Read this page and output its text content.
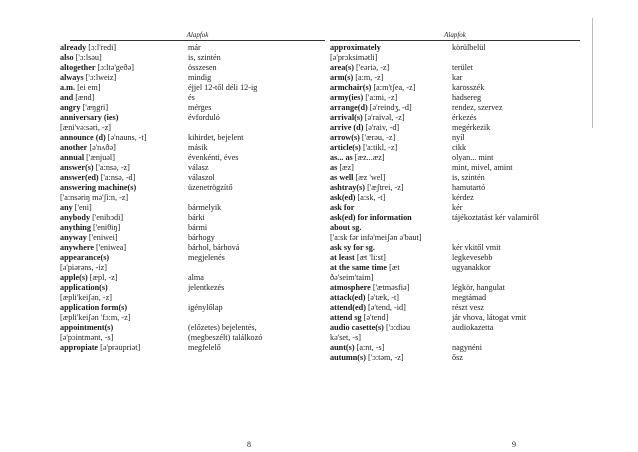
Alapfok
already [ɔ:l'redi]	már
also ['ɔ:lsəu]	is, szintén
altogether [ɔ:ltə'geðə]	összesen
always ['ɔ:lweiz]	mindig
a.m. [ei em]	éjjel 12-től déli 12-ig
and [ænd]	és
angry ['æŋgri]	mérges
anniversary (ies)	évforduló
[æni'və:səri, -z]
announce (d) [ə'nauns, -t]	kihirdet, bejelent
another [ə'nʌðə]	másik
annual ['ænjuəl]	évenkénti, éves
answer(s) ['a:nsə, -z]	válasz
answer(ed) ['a:nsə, -d]	válaszol
answering machine(s)	üzenetrögzítő
['a:nsəriŋ mə'ʃi:n, -z]
any ['eni]	bármelyik
anybody ['enibɔdi]	bárki
anything ['eniθiŋ]	bármi
anyway ['eniwei]	bárhogy
anywhere ['eniwea]	bárhol, bárhová
appearance(s)	megjelenés
[ə'piərəns, -iz]
apple(s) [æpl, -z]	alma
application(s)	jelentkezés
[æpli'keiʃən, -z]
application form(s)	igénylőlap
[æpli'keiʃən 'fɔ:m, -z]
appointment(s)	(előzetes) bejelentés,
[ə'pɔintmənt, -s]	(megbeszélt) találkozó
appropiate [ə'prəupriət]	megfelelő
Alapfok
approximately	körülbelül
[ə'prɔksimətli]
area(s) ['eəriə, -z]	terület
arm(s) [a:m, -z]	kar
armchair(s) [a:m'tʃea, -z]	karosszék
army(ies) ['a:mi, -z]	hadsereg
arrange(d) [ə'reindʒ, -d]	rendez, szervez
arrival(s) [ə'raivəl, -z]	érkezés
arrive (d) [ə'raiv, -d]	megérkezik
arrow(s) ['ærəu, -z]	nyíl
article(s) ['a:tikl, -z]	cikk
as... as [æz...æz]	olyan... mint
as [æz]	mint, mivel, amint
as well [æz 'wel]	is, szintén
ashtray(s) ['æʃtrei, -z]	hamutartó
ask(ed) [a:sk, -t]	kérdez
ask for	kér
ask(ed) for information	tájékoztatást kér valamiről
about sg.
['a:sk fər infə'meiʃən ə'baut]
ask sy for sg.	kér vkitől vmit
at least [æt 'li:st]	legkevesebb
at the same time [æt	ugyanakkor
ðə'seim'taim]
atmosphere ['ætməsfiə]	légkör, hangulat
attack(ed) [ə'tæk, -t]	megtámad
attend(ed) [ə'tend, -id]	részt vesz
attend sg [ə'tend]	jár vhova, látogat vmit
audio casette(s) ['ɔ:diəu	audiokazetta
kə'set, -s]
aunt(s) [a:nt, -s]	nagynéni
autumn(s) ['ɔ:təm, -z]	ősz
8	9
